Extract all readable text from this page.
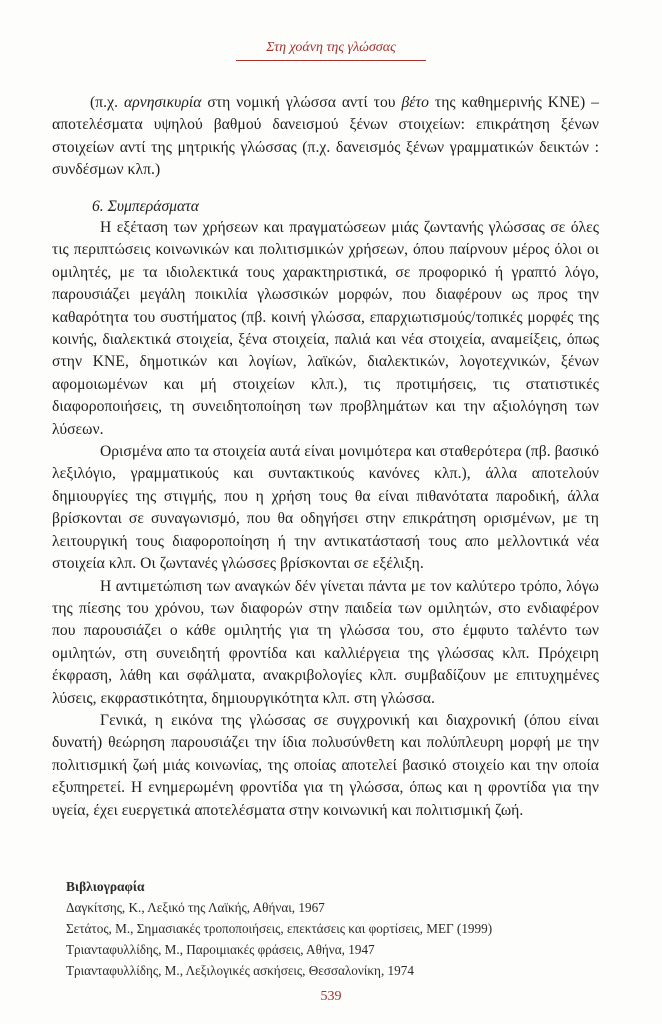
Στη χοάνη της γλώσσας

(π.χ. αρνησικυρία στη νομική γλώσσα αντί του βέτο της καθημερινής ΚΝΕ) – αποτελέσματα υψηλού βαθμού δανεισμού ξένων στοιχείων: επικράτηση ξένων στοιχείων αντί της μητρικής γλώσσας (π.χ. δανεισμός ξένων γραμματικών δεικτών : συνδέσμων κλπ.)

6. Συμπεράσματα

Η εξέταση των χρήσεων και πραγματώσεων μιάς ζωντανής γλώσσας σε όλες τις περιπτώσεις κοινωνικών και πολιτισμικών χρήσεων, όπου παίρνουν μέρος όλοι οι ομιλητές, με τα ιδιολεκτικά τους χαρακτηριστικά, σε προφορικό ή γραπτό λόγο, παρουσιάζει μεγάλη ποικιλία γλωσσικών μορφών, που διαφέρουν ως προς την καθαρότητα του συστήματος (πβ. κοινή γλώσσα, επαρχιωτισμούς/τοπικές μορφές της κοινής, διαλεκτικά στοιχεία, ξένα στοιχεία, παλιά και νέα στοιχεία, αναμείξεις, όπως στην ΚΝΕ, δημοτικών και λογίων, λαϊκών, διαλεκτικών, λογοτεχνικών, ξένων αφομοιωμένων και μή στοιχείων κλπ.), τις προτιμήσεις, τις στατιστικές διαφοροποιήσεις, τη συνειδητοποίηση των προβλημάτων και την αξιολόγηση των λύσεων.

Ορισμένα απο τα στοιχεία αυτά είναι μονιμότερα και σταθερότερα (πβ. βασικό λεξιλόγιο, γραμματικούς και συντακτικούς κανόνες κλπ.), άλλα αποτελούν δημιουργίες της στιγμής, που η χρήση τους θα είναι πιθανότατα παροδική, άλλα βρίσκονται σε συναγωνισμό, που θα οδηγήσει στην επικράτηση ορισμένων, με τη λειτουργική τους διαφοροποίηση ή την αντικατάστασή τους απο μελλοντικά νέα στοιχεία κλπ. Οι ζωντανές γλώσσες βρίσκονται σε εξέλιξη.

Η αντιμετώπιση των αναγκών δέν γίνεται πάντα με τον καλύτερο τρόπο, λόγω της πίεσης του χρόνου, των διαφορών στην παιδεία των ομιλητών, στο ενδιαφέρον που παρουσιάζει ο κάθε ομιλητής για τη γλώσσα του, στο έμφυτο ταλέντο των ομιλητών, στη συνειδητή φροντίδα και καλλιέργεια της γλώσσας κλπ. Πρόχειρη έκφραση, λάθη και σφάλματα, ανακριβολογίες κλπ. συμβαδίζουν με επιτυχημένες λύσεις, εκφραστικότητα, δημιουργικότητα κλπ. στη γλώσσα.

Γενικά, η εικόνα της γλώσσας σε συγχρονική και διαχρονική (όπου είναι δυνατή) θεώρηση παρουσιάζει την ίδια πολυσύνθετη και πολύπλευρη μορφή με την πολιτισμική ζωή μιάς κοινωνίας, της οποίας αποτελεί βασικό στοιχείο και την οποία εξυπηρετεί. Η ενημερωμένη φροντίδα για τη γλώσσα, όπως και η φροντίδα για την υγεία, έχει ευεργετικά αποτελέσματα στην κοινωνική και πολιτισμική ζωή.

Βιβλιογραφία
Δαγκίτσης, Κ., Λεξικό της Λαϊκής, Αθήναι, 1967
Σετάτος, Μ., Σημασιακές τροποποιήσεις, επεκτάσεις και φορτίσεις, ΜΕΓ (1999)
Τριανταφυλλίδης, Μ., Παροιμιακές φράσεις, Αθήνα, 1947
Τριανταφυλλίδης, Μ., Λεξιλογικές ασκήσεις, Θεσσαλονίκη, 1974
539
